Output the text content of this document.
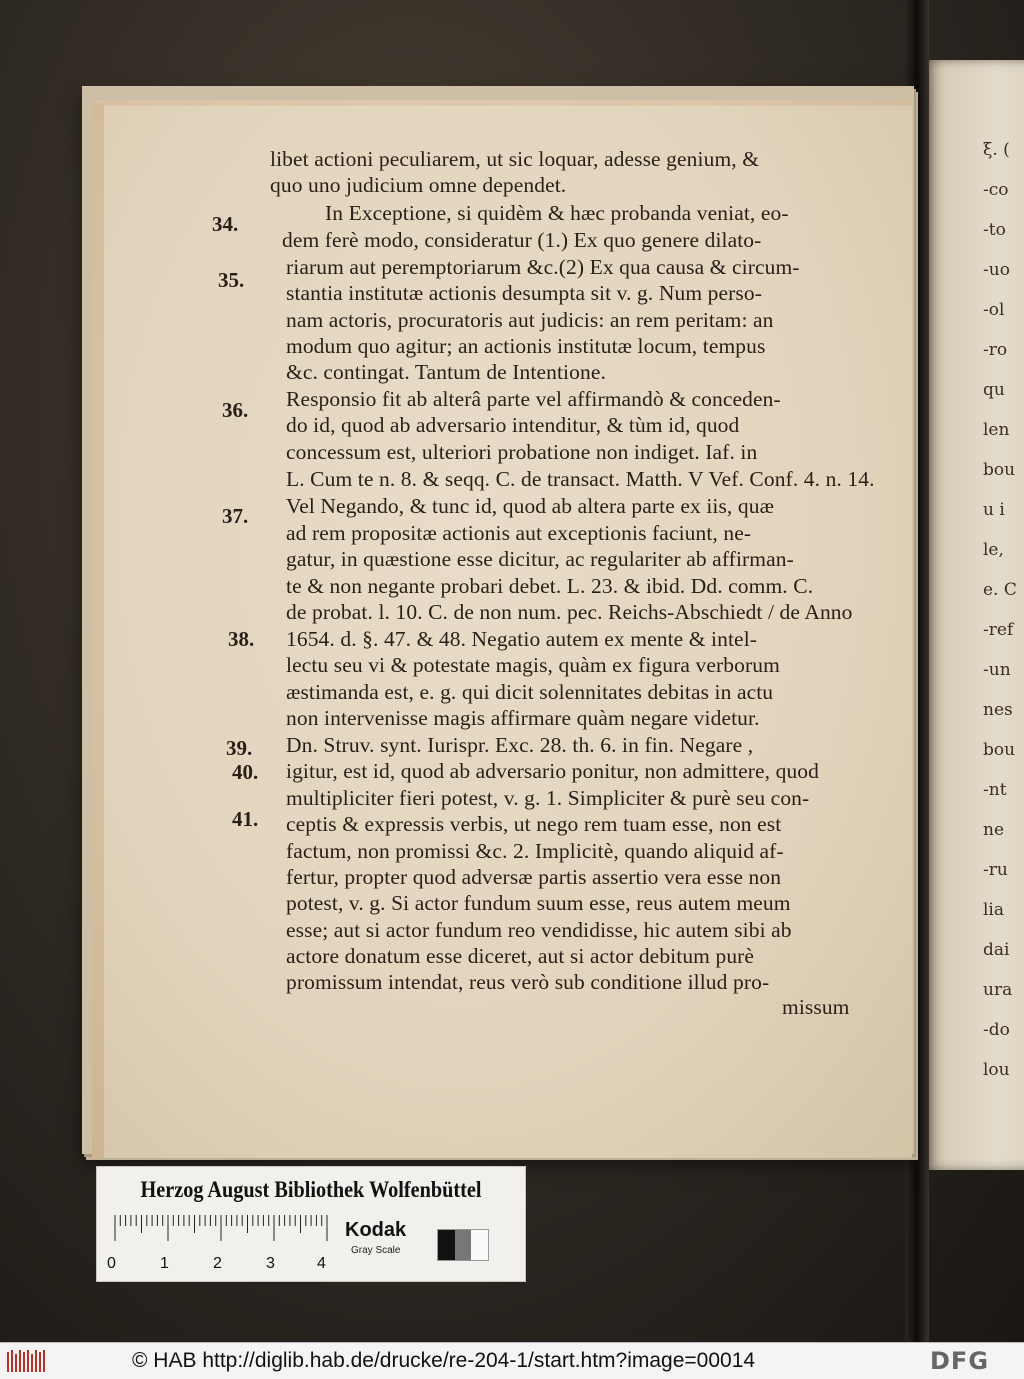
ξ. (
-co
-to
-uo
-ol
-ro
qu
len
bou
u i
le,
e. C
-ref
-un
nes
bou
-nt
ne
-ru
lia
dai
ura
-do
lou
libet actioni peculiarem, ut sic loquar, adesse genium, &
quo uno judicium omne dependet.
In Exceptione, si quidèm & hæc probanda veniat, eo-
dem ferè modo, consideratur (1.) Ex quo genere dilato-
riarum aut peremptoriarum &c.(2) Ex qua causa & circum-
stantia institutæ actionis desumpta sit v. g. Num perso-
nam actoris, procuratoris aut judicis: an rem peritam: an
modum quo agitur; an actionis institutæ locum, tempus
&c. contingat. Tantum de Intentione.
Responsio fit ab alterâ parte vel affirmandò & conceden-
do id, quod ab adversario intenditur, & tùm id, quod
concessum est, ulteriori probatione non indiget. Iaf. in
L. Cum te n. 8. & seqq. C. de transact. Matth. V Vef. Conf. 4. n. 14.
Vel Negando, & tunc id, quod ab altera parte ex iis, quæ
ad rem propositæ actionis aut exceptionis faciunt, ne-
gatur, in quæstione esse dicitur, ac regulariter ab affirman-
te & non negante probari debet. L. 23. & ibid. Dd. comm. C.
de probat. l. 10. C. de non num. pec. Reichs-Abschiedt / de Anno
1654. d. §. 47. & 48. Negatio autem ex mente & intel-
lectu seu vi & potestate magis, quàm ex figura verborum
æstimanda est, e. g. qui dicit solennitates debitas in actu
non intervenisse magis affirmare quàm negare videtur.
Dn. Struv. synt. Iurispr. Exc. 28. th. 6. in fin. Negare ,
igitur, est id, quod ab adversario ponitur, non admittere, quod
multipliciter fieri potest, v. g. 1. Simpliciter & purè seu con-
ceptis & expressis verbis, ut nego rem tuam esse, non est
factum, non promissi &c. 2. Implicitè, quando aliquid af-
fertur, propter quod adversæ partis assertio vera esse non
potest, v. g. Si actor fundum suum esse, reus autem meum
esse; aut si actor fundum reo vendidisse, hic autem sibi ab
actore donatum esse diceret, aut si actor debitum purè
promissum intendat, reus verò sub conditione illud pro-
missum
34.
35.
36.
37.
38.
39.
40.
41.
Herzog August Bibliothek Wolfenbüttel
0	1	2	3	4
Kodak
Gray Scale
© HAB http://diglib.hab.de/drucke/re-204-1/start.htm?image=00014	DFG
